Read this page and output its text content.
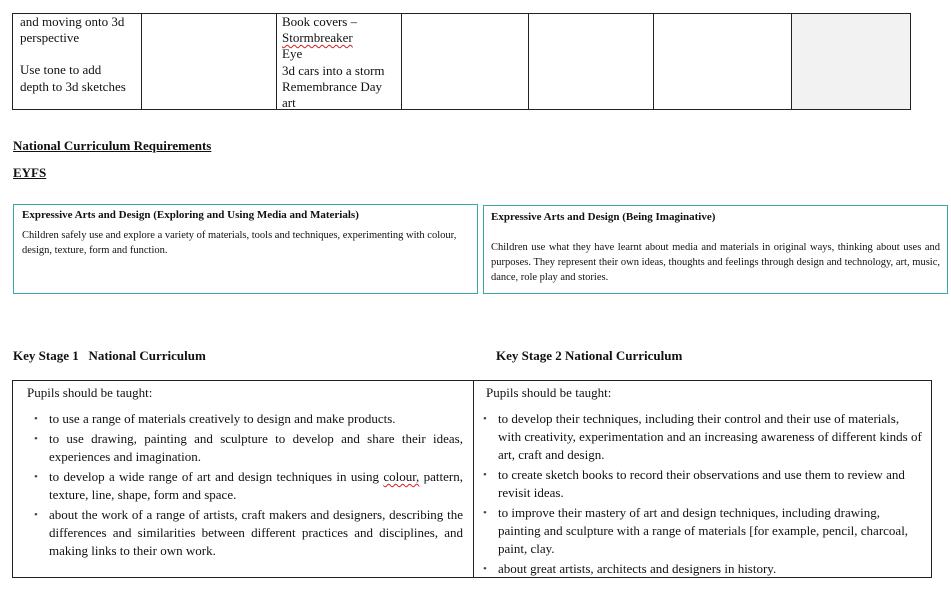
and moving onto 3d
perspective
Use tone to add
depth to 3d sketches
Book covers –
Stormbreaker
Eye
3d cars into a storm
Remembrance Day
art
National Curriculum Requirements
EYFS
Expressive Arts and Design (Exploring and Using Media and Materials)
Children safely use and explore a variety of materials, tools and techniques, experimenting with colour, design, texture, form and function.
Expressive Arts and Design (Being Imaginative)
Children use what they have learnt about media and materials in original ways, thinking about uses and purposes. They represent their own ideas, thoughts and feelings through design and technology, art, music, dance, role play and stories.
Key Stage 1   National Curriculum	Key Stage 2 National Curriculum
Pupils should be taught:
• to use a range of materials creatively to design and make products.
• to use drawing, painting and sculpture to develop and share their ideas, experiences and imagination.
• to develop a wide range of art and design techniques in using colour, pattern, texture, line, shape, form and space.
• about the work of a range of artists, craft makers and designers, describing the differences and similarities between different practices and disciplines, and making links to their own work.
Pupils should be taught:
• to develop their techniques, including their control and their use of materials, with creativity, experimentation and an increasing awareness of different kinds of art, craft and design.
• to create sketch books to record their observations and use them to review and revisit ideas.
• to improve their mastery of art and design techniques, including drawing, painting and sculpture with a range of materials [for example, pencil, charcoal, paint, clay.
• about great artists, architects and designers in history.
